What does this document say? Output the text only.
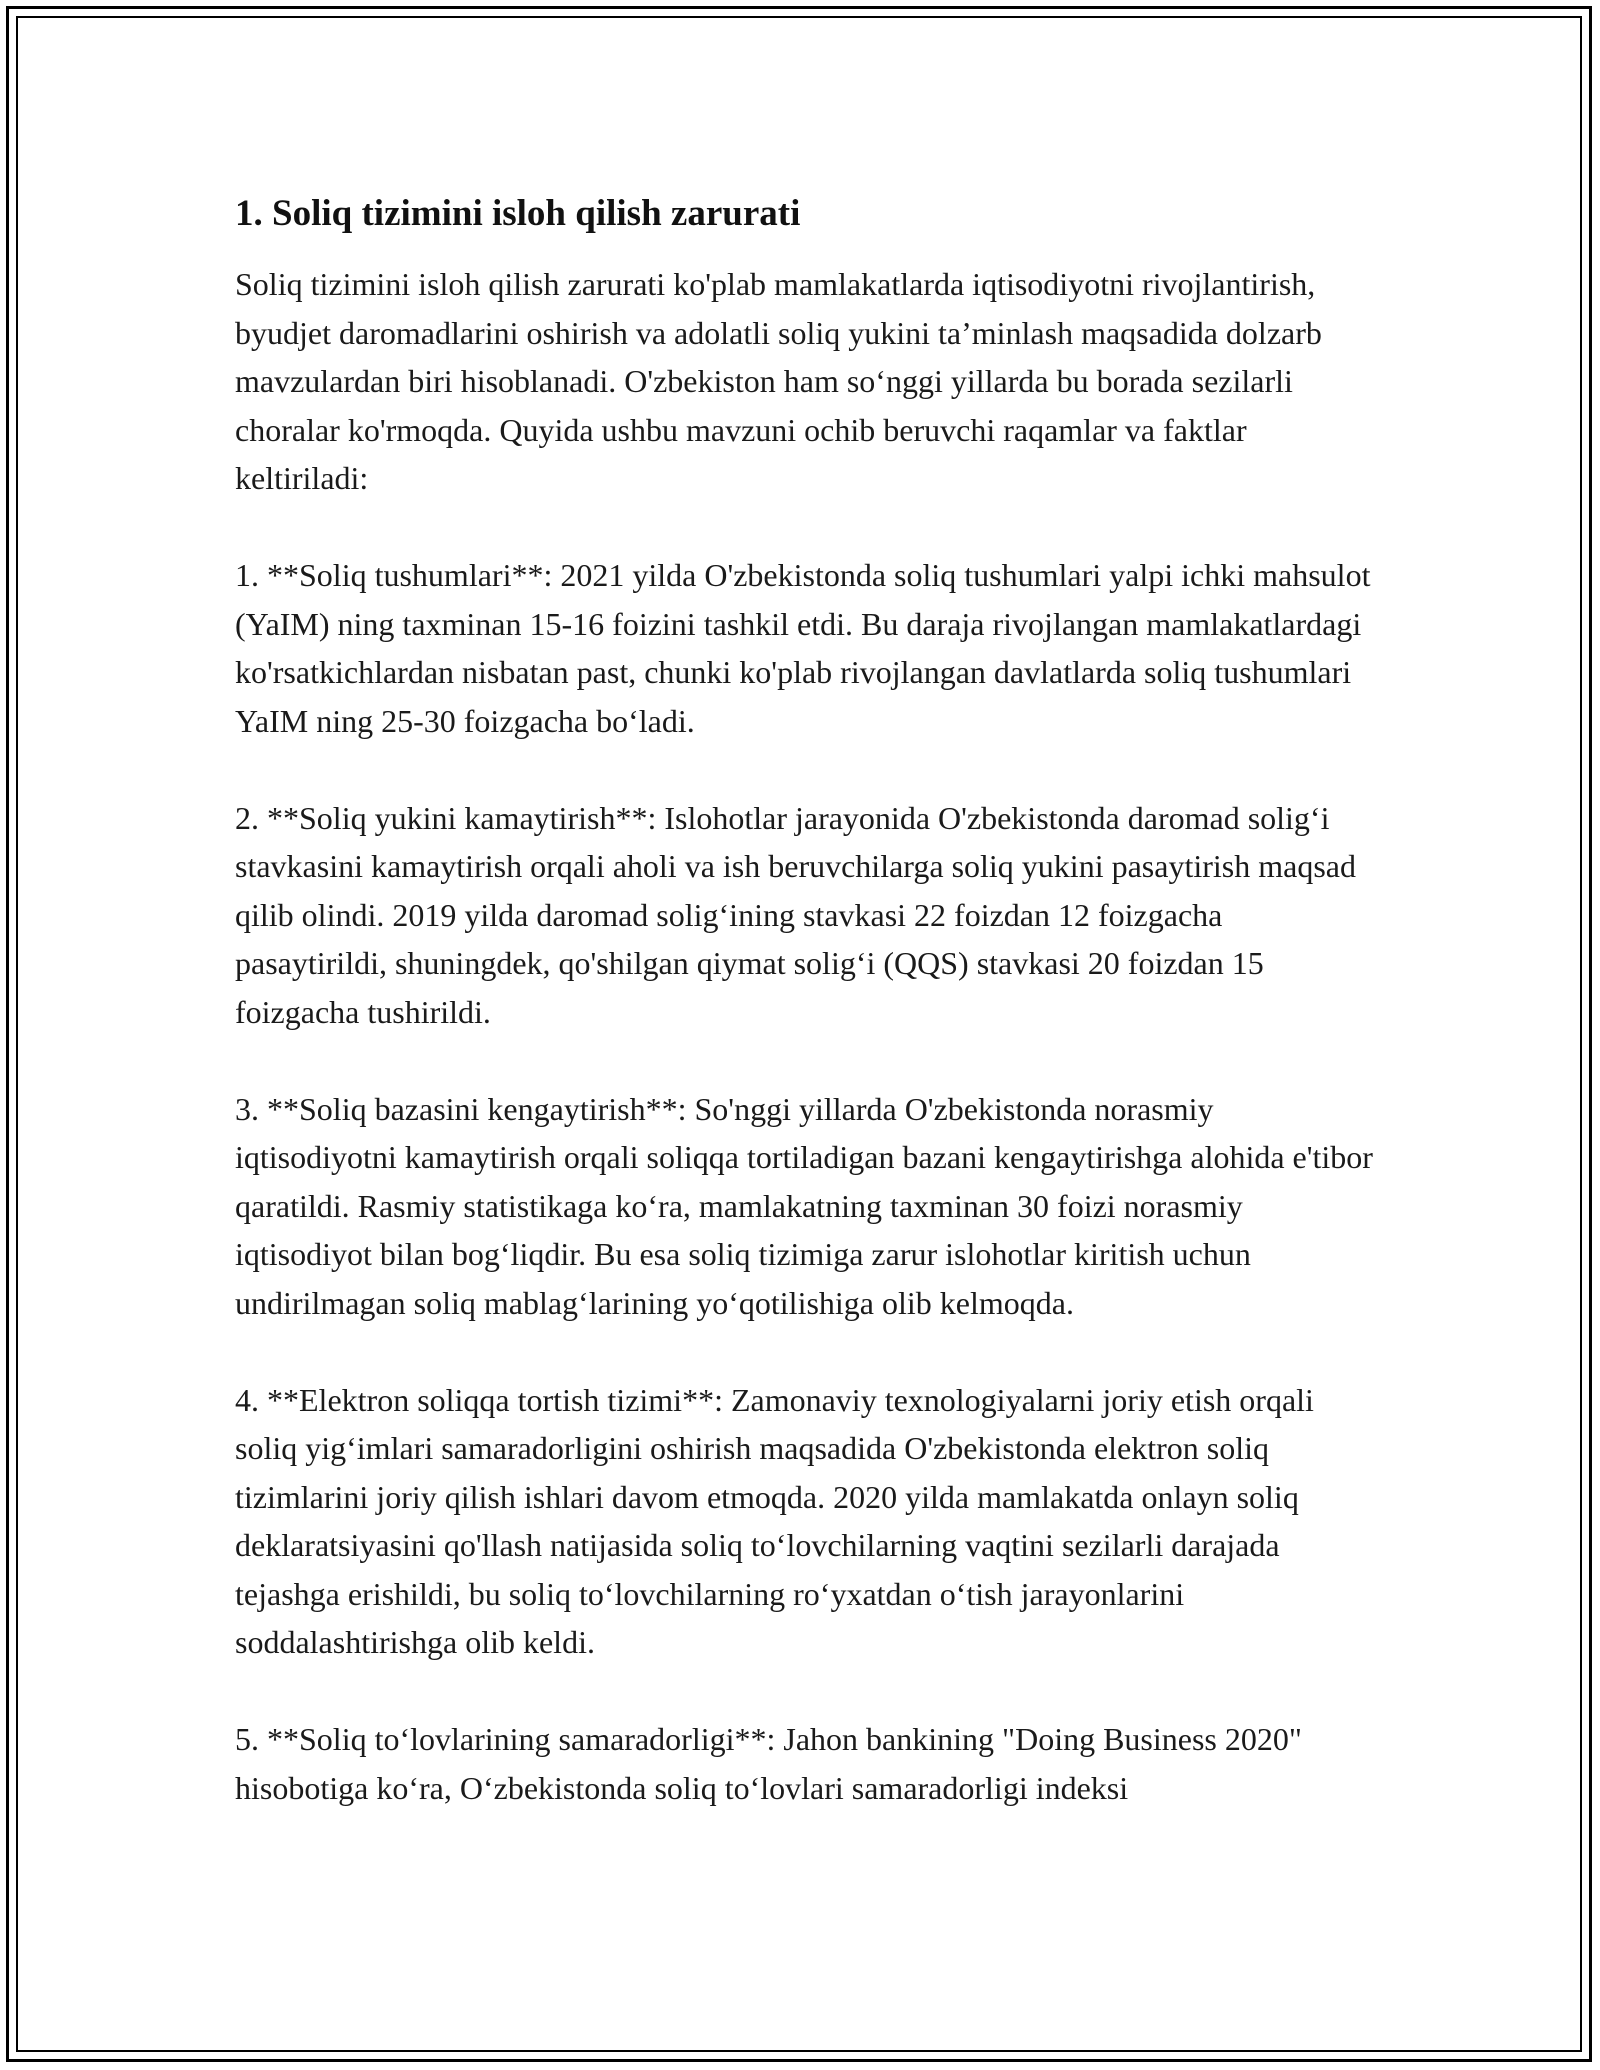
1. Soliq tizimini isloh qilish zarurati

Soliq tizimini isloh qilish zarurati ko'plab mamlakatlarda iqtisodiyotni rivojlantirish, byudjet daromadlarini oshirish va adolatli soliq yukini ta’minlash maqsadida dolzarb mavzulardan biri hisoblanadi. O'zbekiston ham so‘nggi yillarda bu borada sezilarli choralar ko'rmoqda. Quyida ushbu mavzuni ochib beruvchi raqamlar va faktlar keltiriladi:

1. **Soliq tushumlari**: 2021 yilda O'zbekistonda soliq tushumlari yalpi ichki mahsulot (YaIM) ning taxminan 15-16 foizini tashkil etdi. Bu daraja rivojlangan mamlakatlardagi ko'rsatkichlardan nisbatan past, chunki ko'plab rivojlangan davlatlarda soliq tushumlari YaIM ning 25-30 foizgacha bo‘ladi.

2. **Soliq yukini kamaytirish**: Islohotlar jarayonida O'zbekistonda daromad solig‘i stavkasini kamaytirish orqali aholi va ish beruvchilarga soliq yukini pasaytirish maqsad qilib olindi. 2019 yilda daromad solig‘ining stavkasi 22 foizdan 12 foizgacha pasaytirildi, shuningdek, qo'shilgan qiymat solig‘i (QQS) stavkasi 20 foizdan 15 foizgacha tushirildi.

3. **Soliq bazasini kengaytirish**: So'nggi yillarda O'zbekistonda norasmiy iqtisodiyotni kamaytirish orqali soliqqa tortiladigan bazani kengaytirishga alohida e'tibor qaratildi. Rasmiy statistikaga ko‘ra, mamlakatning taxminan 30 foizi norasmiy iqtisodiyot bilan bog‘liqdir. Bu esa soliq tizimiga zarur islohotlar kiritish uchun undirilmagan soliq mablag‘larining yo‘qotilishiga olib kelmoqda.

4. **Elektron soliqqa tortish tizimi**: Zamonaviy texnologiyalarni joriy etish orqali soliq yig‘imlari samaradorligini oshirish maqsadida O'zbekistonda elektron soliq tizimlarini joriy qilish ishlari davom etmoqda. 2020 yilda mamlakatda onlayn soliq deklaratsiyasini qo'llash natijasida soliq to‘lovchilarning vaqtini sezilarli darajada tejashga erishildi, bu soliq to‘lovchilarning ro‘yxatdan o‘tish jarayonlarini soddalashtirishga olib keldi.

5. **Soliq to‘lovlarining samaradorligi**: Jahon bankining "Doing Business 2020" hisobotiga ko‘ra, O‘zbekistonda soliq to‘lovlari samaradorligi indeksi
